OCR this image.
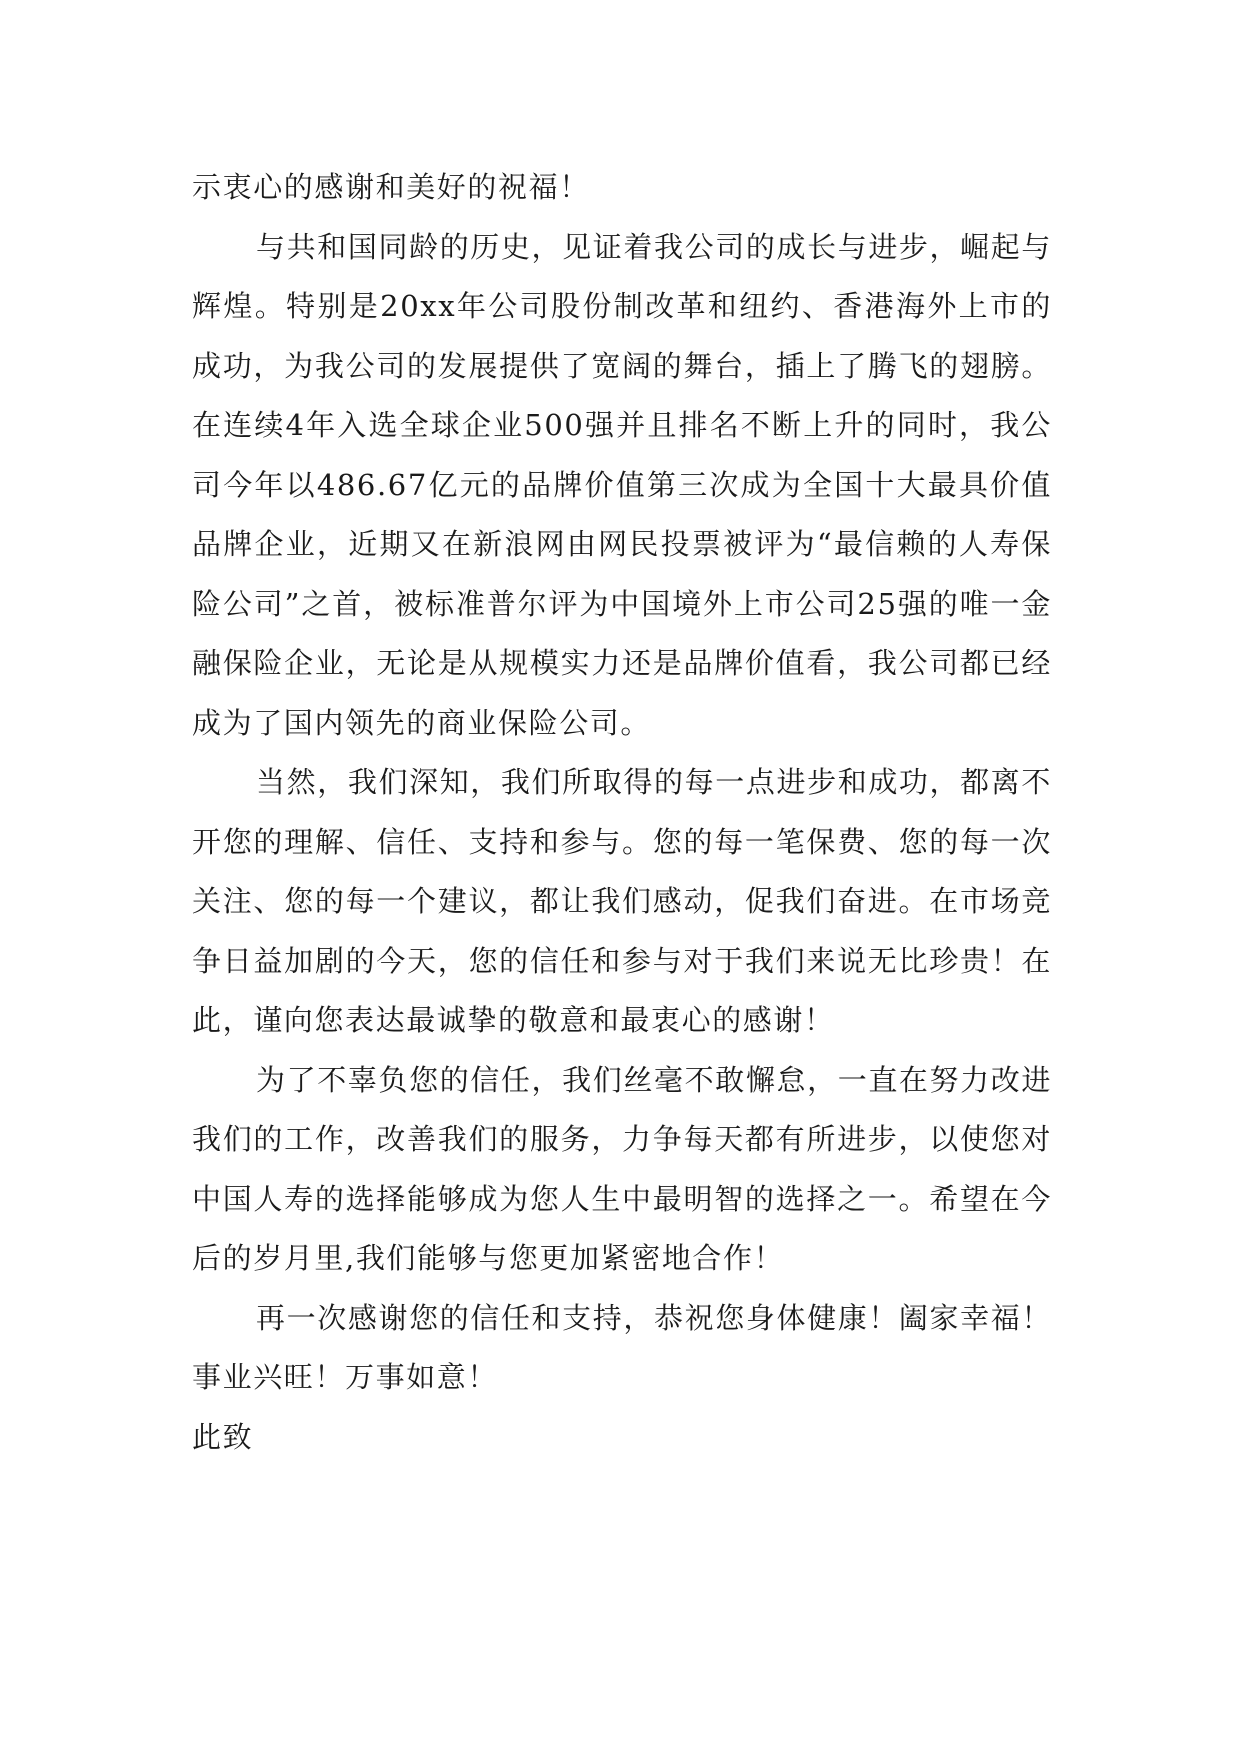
示衷心的感谢和美好的祝福！

与共和国同龄的历史，见证着我公司的成长与进步，崛起与辉煌。特别是20xx年公司股份制改革和纽约、香港海外上市的成功，为我公司的发展提供了宽阔的舞台，插上了腾飞的翅膀。在连续4年入选全球企业500强并且排名不断上升的同时，我公司今年以486.67亿元的品牌价值第三次成为全国十大最具价值品牌企业，近期又在新浪网由网民投票被评为“最信赖的人寿保险公司”之首，被标准普尔评为中国境外上市公司25强的唯一金融保险企业，无论是从规模实力还是品牌价值看，我公司都已经成为了国内领先的商业保险公司。

当然，我们深知，我们所取得的每一点进步和成功，都离不开您的理解、信任、支持和参与。您的每一笔保费、您的每一次关注、您的每一个建议，都让我们感动，促我们奋进。在市场竞争日益加剧的今天，您的信任和参与对于我们来说无比珍贵！在此，谨向您表达最诚挚的敬意和最衷心的感谢！

为了不辜负您的信任，我们丝毫不敢懈怠，一直在努力改进我们的工作，改善我们的服务，力争每天都有所进步，以使您对中国人寿的选择能够成为您人生中最明智的选择之一。希望在今后的岁月里,我们能够与您更加紧密地合作！

再一次感谢您的信任和支持，恭祝您身体健康！阖家幸福！事业兴旺！万事如意！

此致
